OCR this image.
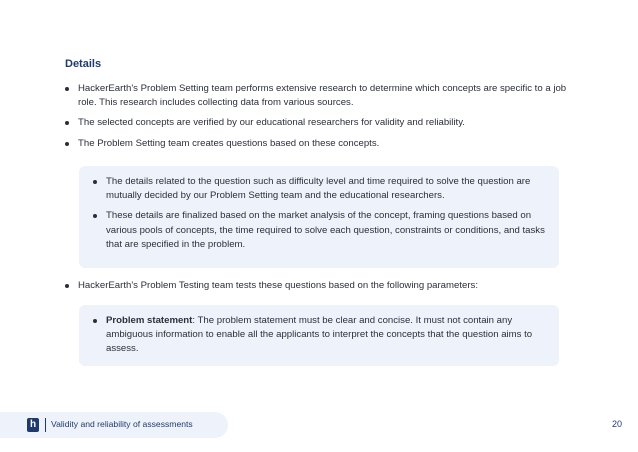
Details
HackerEarth's Problem Setting team performs extensive research to determine which concepts are specific to a job role. This research includes collecting data from various sources.
The selected concepts are verified by our educational researchers for validity and reliability.
The Problem Setting team creates questions based on these concepts.
The details related to the question such as difficulty level and time required to solve the question are mutually decided by our Problem Setting team and the educational researchers.
These details are finalized based on the market analysis of the concept, framing questions based on various pools of concepts, the time required to solve each question, constraints or conditions, and tasks that are specified in the problem.
HackerEarth's Problem Testing team tests these questions based on the following parameters:
Problem statement: The problem statement must be clear and concise. It must not contain any ambiguous information to enable all the applicants to interpret the concepts that the question aims to assess.
h	Validity and reliability of assessments	20
